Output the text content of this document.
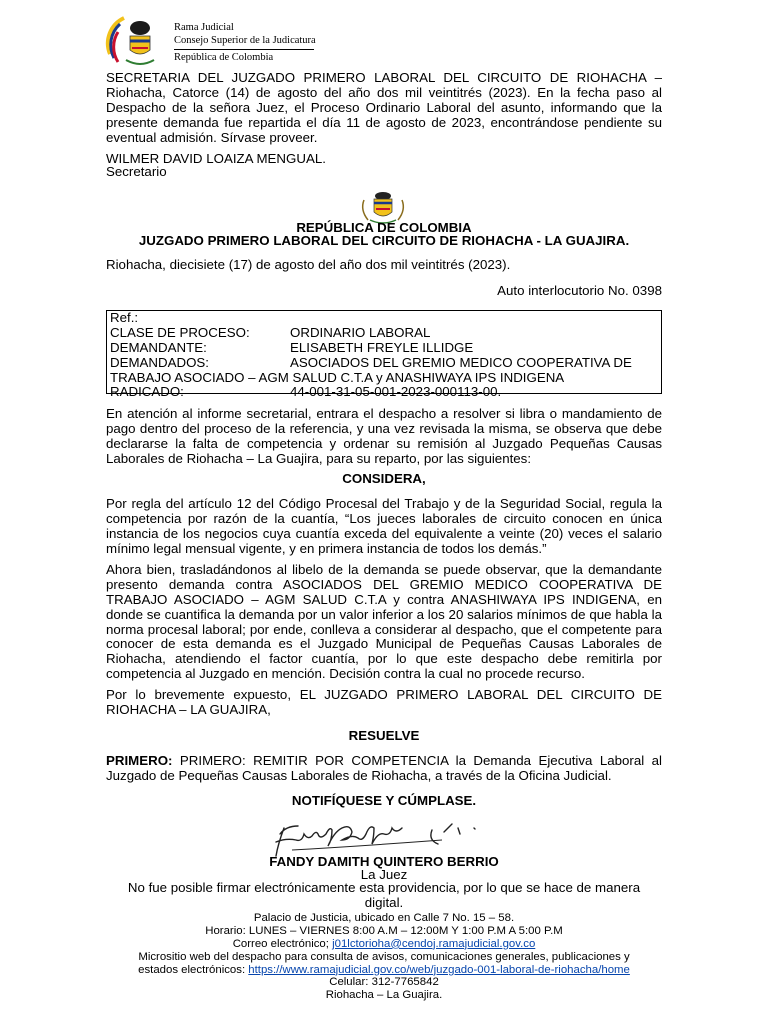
Rama Judicial
Consejo Superior de la Judicatura
República de Colombia
SECRETARIA DEL JUZGADO PRIMERO LABORAL DEL CIRCUITO DE RIOHACHA – Riohacha, Catorce (14) de agosto del año dos mil veintitrés (2023). En la fecha paso al Despacho de la señora Juez, el Proceso Ordinario Laboral del asunto, informando que la presente demanda fue repartida el día 11 de agosto de 2023, encontrándose pendiente su eventual admisión. Sírvase proveer.
WILMER DAVID LOAIZA MENGUAL.
Secretario
REPÚBLICA DE COLOMBIA
JUZGADO PRIMERO LABORAL DEL CIRCUITO DE RIOHACHA - LA GUAJIRA.
Riohacha, diecisiete (17) de agosto del año dos mil veintitrés (2023).
Auto interlocutorio No. 0398
Ref.:
CLASE DE PROCESO:	ORDINARIO LABORAL
DEMANDANTE:	ELISABETH FREYLE ILLIDGE
DEMANDADOS:	ASOCIADOS DEL GREMIO MEDICO COOPERATIVA DE
TRABAJO ASOCIADO – AGM SALUD C.T.A y ANASHIWAYA IPS INDIGENA
RADICADO:	44-001-31-05-001-2023-000113-00.
En atención al informe secretarial, entrara el despacho a resolver si libra o mandamiento de pago dentro del proceso de la referencia, y una vez revisada la misma, se observa que debe declararse la falta de competencia y ordenar su remisión al Juzgado Pequeñas Causas Laborales de Riohacha – La Guajira, para su reparto, por las siguientes:
CONSIDERA,
Por regla del artículo 12 del Código Procesal del Trabajo y de la Seguridad Social, regula la competencia por razón de la cuantía, “Los jueces laborales de circuito conocen en única instancia de los negocios cuya cuantía exceda del equivalente a veinte (20) veces el salario mínimo legal mensual vigente, y en primera instancia de todos los demás.”
Ahora bien, trasladándonos al libelo de la demanda se puede observar, que la demandante presento demanda contra ASOCIADOS DEL GREMIO MEDICO COOPERATIVA DE TRABAJO ASOCIADO – AGM SALUD C.T.A y contra ANASHIWAYA IPS INDIGENA, en donde se cuantifica la demanda por un valor inferior a los 20 salarios mínimos de que habla la norma procesal laboral; por ende, conlleva a considerar al despacho, que el competente para conocer de esta demanda es el Juzgado Municipal de Pequeñas Causas Laborales de Riohacha, atendiendo el factor cuantía, por lo que este despacho debe remitirla por competencia al Juzgado en mención. Decisión contra la cual no procede recurso.
Por lo brevemente expuesto, EL JUZGADO PRIMERO LABORAL DEL CIRCUITO DE RIOHACHA – LA GUAJIRA,
RESUELVE
PRIMERO: PRIMERO: REMITIR POR COMPETENCIA la Demanda Ejecutiva Laboral al Juzgado de Pequeñas Causas Laborales de Riohacha, a través de la Oficina Judicial.
NOTIFÍQUESE Y CÚMPLASE.
FANDY DAMITH QUINTERO BERRIO
La Juez
No fue posible firmar electrónicamente esta providencia, por lo que se hace de manera digital.
Palacio de Justicia, ubicado en Calle 7 No. 15 – 58.
Horario: LUNES – VIERNES 8:00 A.M – 12:00M Y 1:00 P.M A 5:00 P.M
Correo electrónico; j01lctorioha@cendoj.ramajudicial.gov.co
Micrositio web del despacho para consulta de avisos, comunicaciones generales, publicaciones y
estados electrónicos: https://www.ramajudicial.gov.co/web/juzgado-001-laboral-de-riohacha/home
Celular: 312-7765842
Riohacha – La Guajira.
